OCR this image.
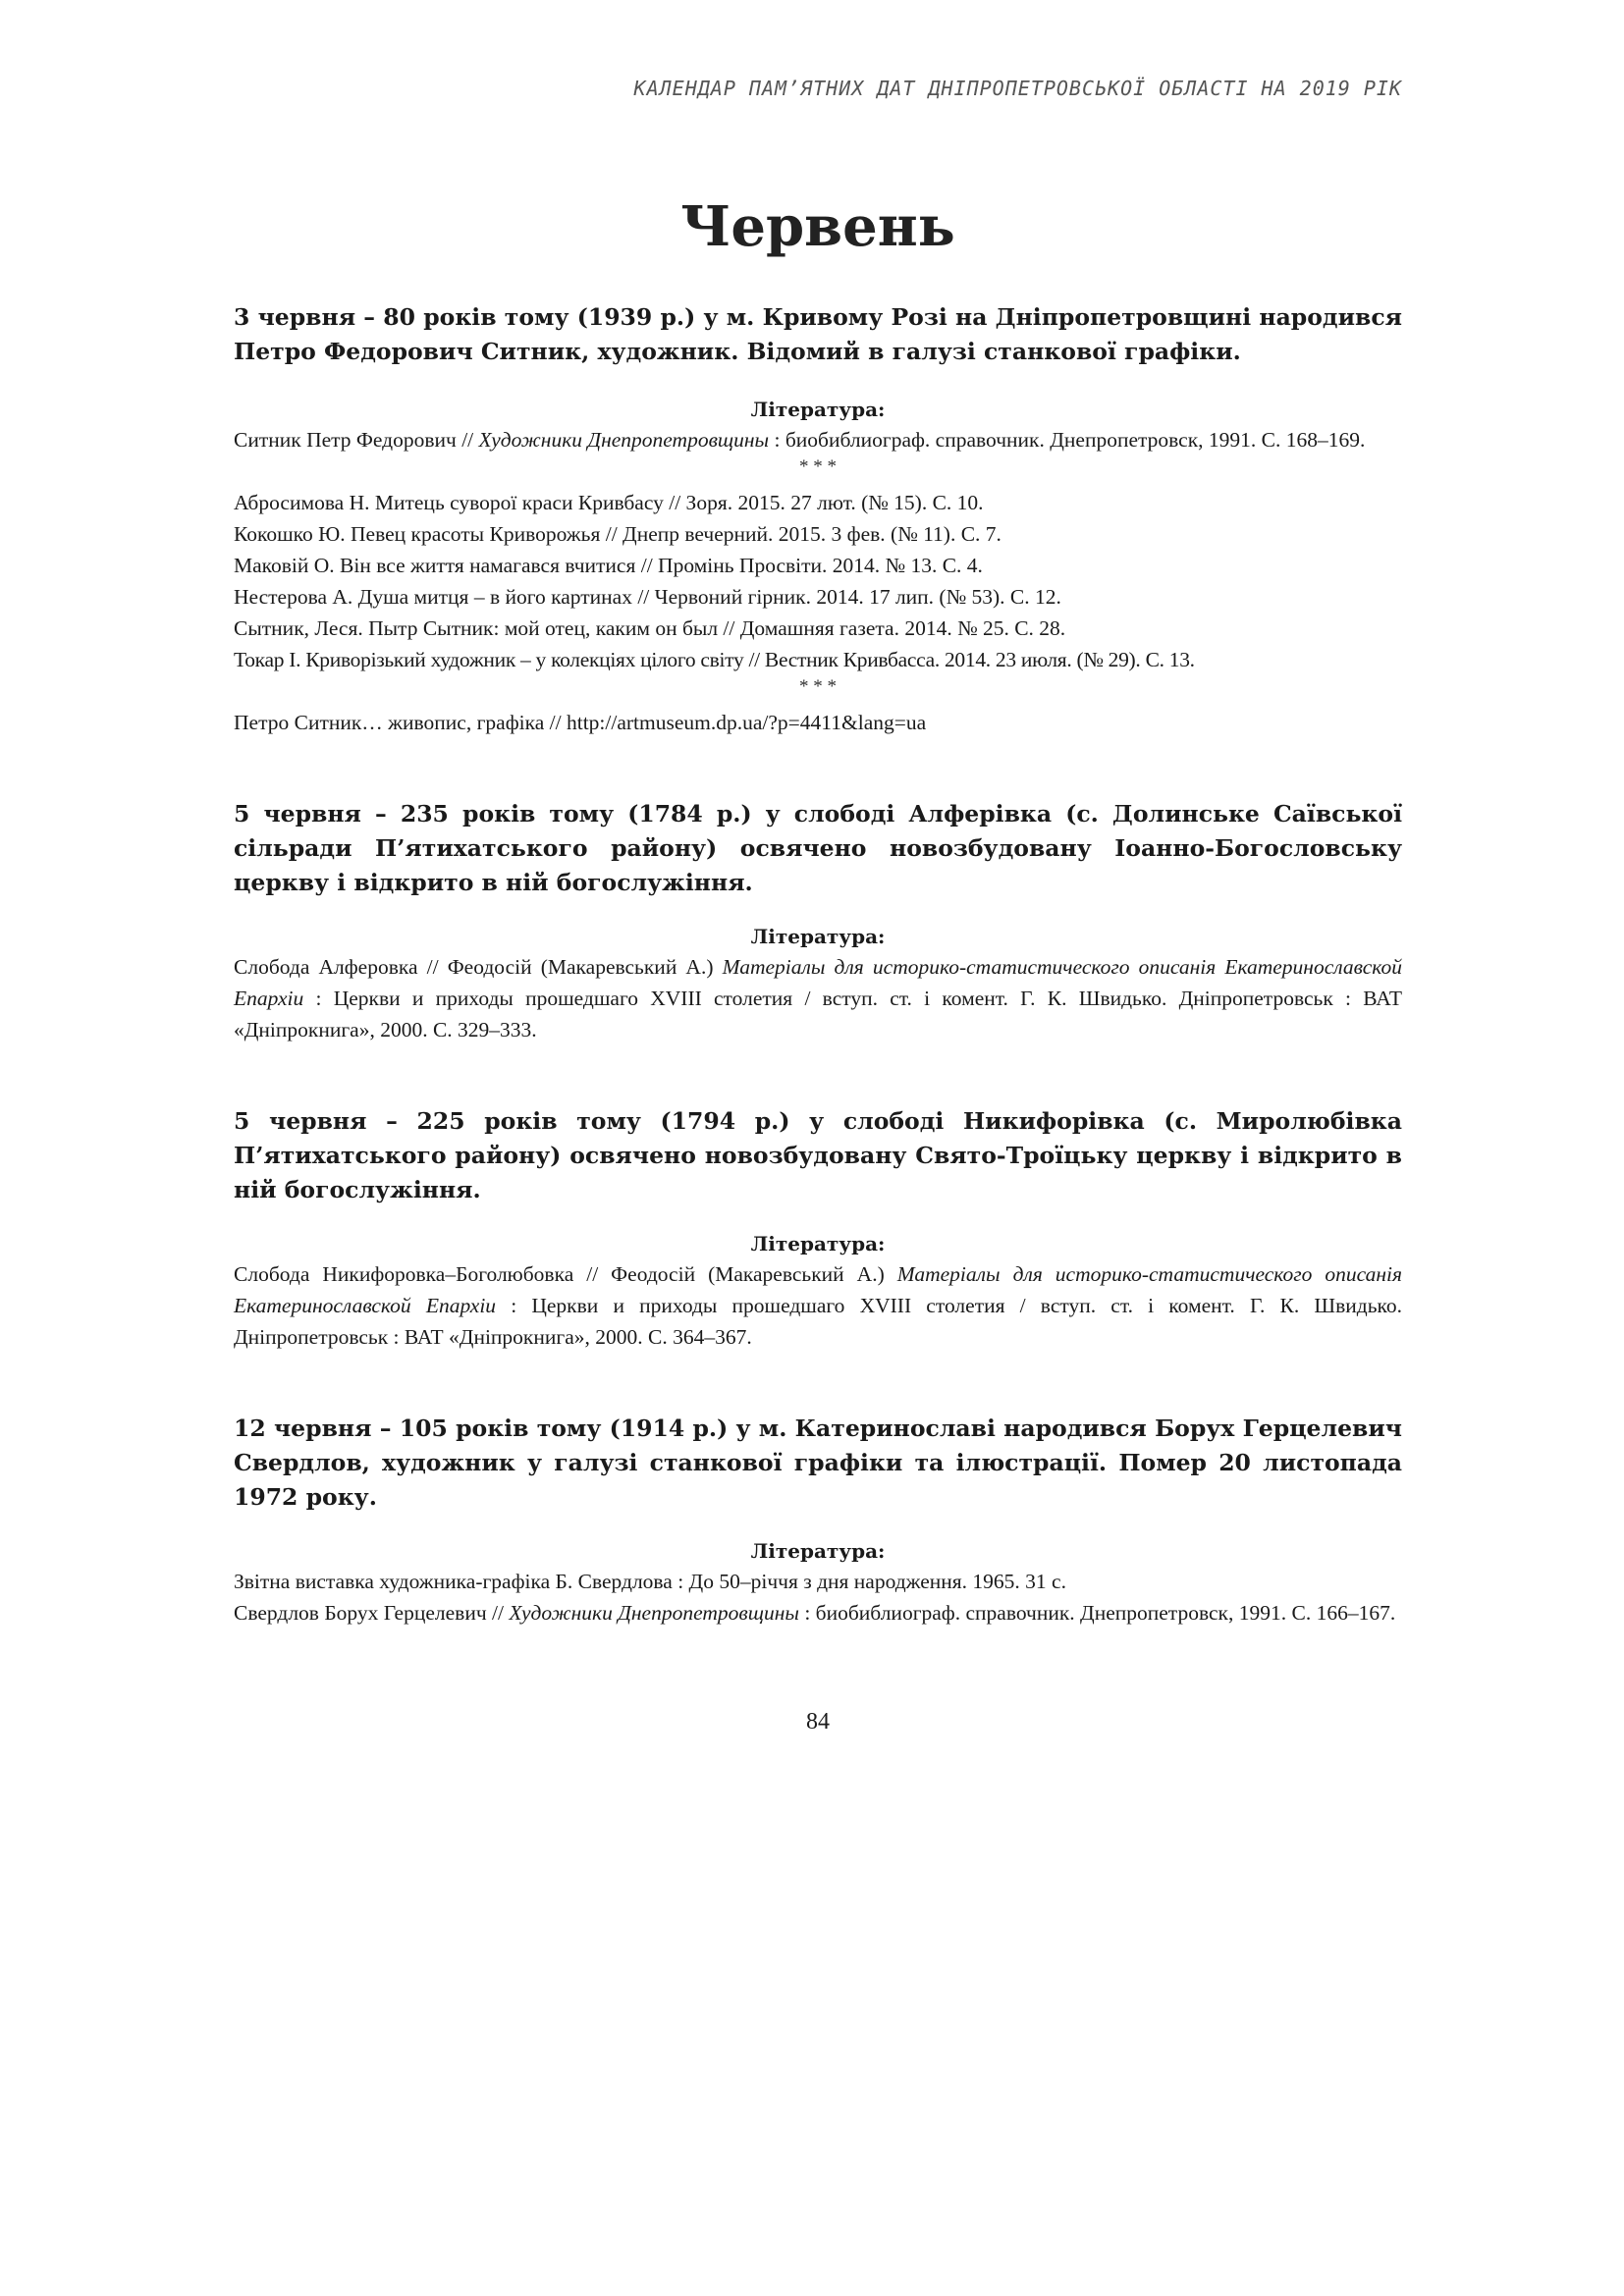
КАЛЕНДАР ПАМ’ЯТНИХ ДАТ ДНІПРОПЕТРОВСЬКОЇ ОБЛАСТІ НА 2019 РІК
Червень

3 червня – 80 років тому (1939 р.) у м. Кривому Розі на Дніпропетровщині народився Петро Федорович Ситник, художник. Відомий в галузі станкової графіки.

Література:

Ситник Петр Федорович // Художники Днепропетровщины : биобиблиограф. справочник. Днепропетровск, 1991. С. 168–169.

* * *

Абросимова Н. Митець суворої краси Кривбасу // Зоря. 2015. 27 лют. (№ 15). С. 10.

Кокошко Ю. Певец красоты Криворожья // Днепр вечерний. 2015. 3 фев. (№ 11). С. 7.

Маковій О. Він все життя намагався вчитися // Промінь Просвіти. 2014. № 13. С. 4.

Нестерова А. Душа митця – в його картинах // Червоний гірник. 2014. 17 лип. (№ 53). С. 12.

Сытник, Леся. Пытр Сытник: мой отец, каким он был // Домашняя газета. 2014. № 25. С. 28.

Токар І. Криворізький художник – у колекціях цілого світу // Вестник Кривбасса. 2014. 23 июля. (№ 29). С. 13.

* * *

Петро Ситник… живопис, графіка // http://artmuseum.dp.ua/?p=4411&lang=ua

5 червня – 235 років тому (1784 р.) у слободі Алферівка (с. Долинське Саївської сільради П’ятихатського району) освячено новозбудовану Іоанно-Богословську церкву і відкрито в ній богослужіння.

Література:

Слобода Алферовка // Феодосій (Макаревський А.) Матеріалы для историко-статистического описанія Екатеринославской Епархіи : Церкви и приходы прошедшаго XVIII столетия / вступ. ст. і комент. Г. К. Швидько. Дніпропетровськ : ВАТ «Дніпрокнига», 2000. С. 329–333.

5 червня – 225 років тому (1794 р.) у слободі Никифорівка (с. Миролюбівка П’ятихатського району) освячено новозбудовану Свято-Троїцьку церкву і відкрито в ній богослужіння.

Література:

Слобода Никифоровка–Боголюбовка // Феодосій (Макаревський А.) Матеріалы для историко-статистического описанія Екатеринославской Епархіи : Церкви и приходы прошедшаго XVIII столетия / вступ. ст. і комент. Г. К. Швидько. Дніпропетровськ : ВАТ «Дніпрокнига», 2000. С. 364–367.

12 червня – 105 років тому (1914 р.) у м. Катеринославі народився Борух Герцелевич Свердлов, художник у галузі станкової графіки та ілюстрації. Помер 20 листопада 1972 року.

Література:

Звітна виставка художника-графіка Б. Свердлова : До 50–річчя з дня народження. 1965. 31 с.

Свердлов Борух Герцелевич // Художники Днепропетровщины : биобиблиограф. справочник. Днепропетровск, 1991. С. 166–167.

84
